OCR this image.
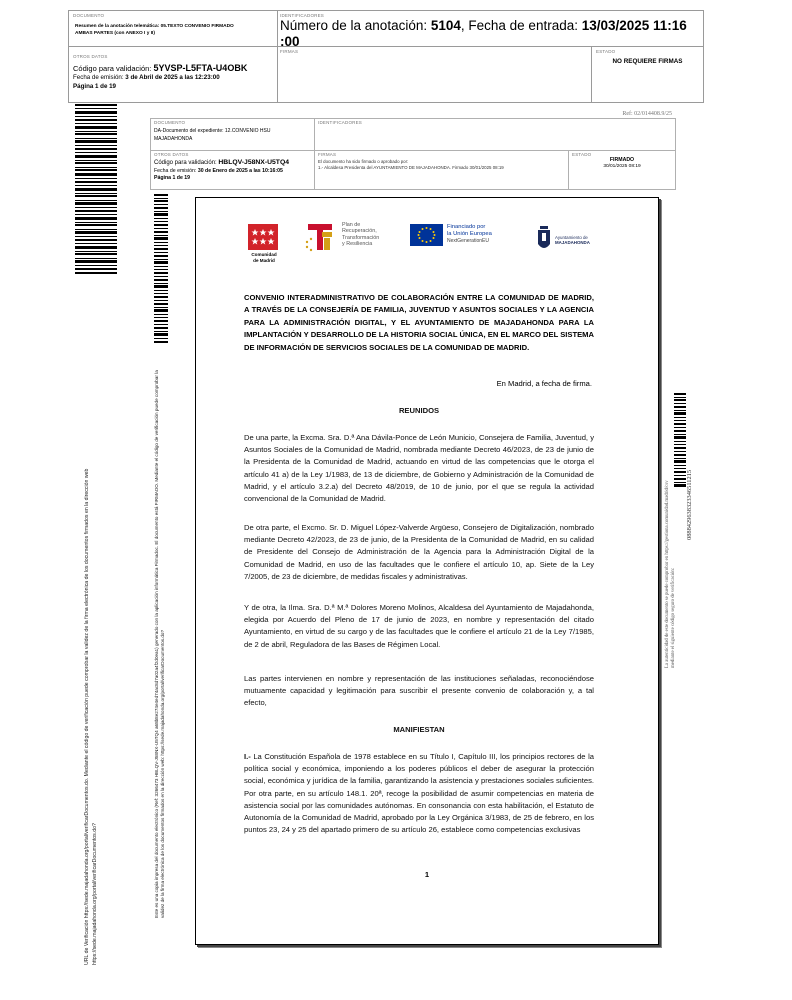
DOCUMENTO
Resumen de la anotación telemática: 05.TEXTO CONVENIO FIRMADO AMBAS PARTES (con ANEXO I y II)
IDENTIFICADORES
Número de la anotación: 5104, Fecha de entrada: 13/03/2025 11:16
:00
OTROS DATOS
Código para validación: 5YVSP-L5FTA-U4OBK
Fecha de emisión: 3 de Abril de 2025 a las 12:23:00
Página 1 de 19
FIRMAS	ESTADO
NO REQUIERE FIRMAS
URL de Verificación https://sede.majadahonda.org/portal/verificarDocumentos.do. Mediante el código de verificación puede comprobar la validez de la firma electrónica de los documentos firmados en la dirección web https://sede.majadahonda.org/portal/verificarDocumentos.do?
DOCUMENTO
DA-Documento del expediente: 12.CONVENIO HSU MAJADAHONDA
IDENTIFICADORES
Ref: 02/014408.9/25
OTROS DATOS
Código para validación: HBLQV-J58NX-U5TQ4
Fecha de emisión: 30 de Enero de 2025 a las 10:16:05
Página 1 de 19
FIRMAS
El documento ha sido firmado o aprobado por:
1.- Alcaldesa Presidenta del AYUNTAMIENTO DE MAJADAHONDA. Firmado 30/01/2025 08:19
ESTADO
FIRMADO
30/01/2025 08:19
Este es una copia impresa del documento electrónico (Ref: 3266473 HBLQV-J58NX-U5TQ4 a68b8e274e4ed74ac8d7a02a4f2d0ea1) generado con la aplicación informática Firmadoc. El documento está FIRMADO. Mediante el código de verificación puede comprobar la validez de la firma electrónica de los documentos firmados en la dirección web: https://sede.majadahonda.org/portal/verificarDocumentos.do?
La autenticidad de este documento se puede comprobar en https://gestiona.comunidad.madrid/csv mediante el siguiente código seguro de verificación:
0888429638323346511215
Comunidad
de Madrid
Plan de
Recuperación,
Transformación
y Resiliencia
Financiado por
la Unión Europea
NextGenerationEU
Ayuntamiento de
MAJADAHONDA
CONVENIO INTERADMINISTRATIVO DE COLABORACIÓN ENTRE LA COMUNIDAD DE MADRID, A TRAVÉS DE LA CONSEJERÍA DE FAMILIA, JUVENTUD Y ASUNTOS SOCIALES Y LA AGENCIA PARA LA ADMINISTRACIÓN DIGITAL, Y EL AYUNTAMIENTO DE MAJADAHONDA PARA LA IMPLANTACIÓN Y DESARROLLO DE LA HISTORIA SOCIAL ÚNICA, EN EL MARCO DEL SISTEMA DE INFORMACIÓN DE SERVICIOS SOCIALES DE LA COMUNIDAD DE MADRID.
En Madrid, a fecha de firma.
REUNIDOS
De una parte, la Excma. Sra. D.ª Ana Dávila-Ponce de León Municio, Consejera de Familia, Juventud, y Asuntos Sociales de la Comunidad de Madrid, nombrada mediante Decreto 46/2023, de 23 de junio de la Presidenta de la Comunidad de Madrid, actuando en virtud de las competencias que le otorga el artículo 41 a) de la Ley 1/1983, de 13 de diciembre, de Gobierno y Administración de la Comunidad de Madrid, y el artículo 3.2.a) del Decreto 48/2019, de 10 de junio, por el que se regula la actividad convencional de la Comunidad de Madrid.
De otra parte, el Excmo. Sr. D. Miguel López-Valverde Argüeso, Consejero de Digitalización, nombrado mediante Decreto 42/2023, de 23 de junio, de la Presidenta de la Comunidad de Madrid, en su calidad de Presidente del Consejo de Administración de la Agencia para la Administración Digital de la Comunidad de Madrid, en uso de las facultades que le confiere el artículo 10, ap. Siete de la Ley 7/2005, de 23 de diciembre, de medidas fiscales y administrativas.
Y de otra, la Ilma. Sra. D.ª M.ª Dolores Moreno Molinos, Alcaldesa del Ayuntamiento de Majadahonda, elegida por Acuerdo del Pleno de 17 de junio de 2023, en nombre y representación del citado Ayuntamiento, en virtud de su cargo y de las facultades que le confiere el artículo 21 de la Ley 7/1985, de 2 de abril, Reguladora de las Bases de Régimen Local.
Las partes intervienen en nombre y representación de las instituciones señaladas, reconociéndose mutuamente capacidad y legitimación para suscribir el presente convenio de colaboración y, a tal efecto,
MANIFIESTAN
I.- La Constitución Española de 1978 establece en su Título I, Capítulo III, los principios rectores de la política social y económica, imponiendo a los poderes públicos el deber de asegurar la protección social, económica y jurídica de la familia, garantizando la asistencia y prestaciones sociales suficientes. Por otra parte, en su artículo 148.1. 20ª, recoge la posibilidad de asumir competencias en materia de asistencia social por las comunidades autónomas. En consonancia con esta habilitación, el Estatuto de Autonomía de la Comunidad de Madrid, aprobado por la Ley Orgánica 3/1983, de 25 de febrero, en los puntos 23, 24 y 25 del apartado primero de su artículo 26, establece como competencias exclusivas
1
